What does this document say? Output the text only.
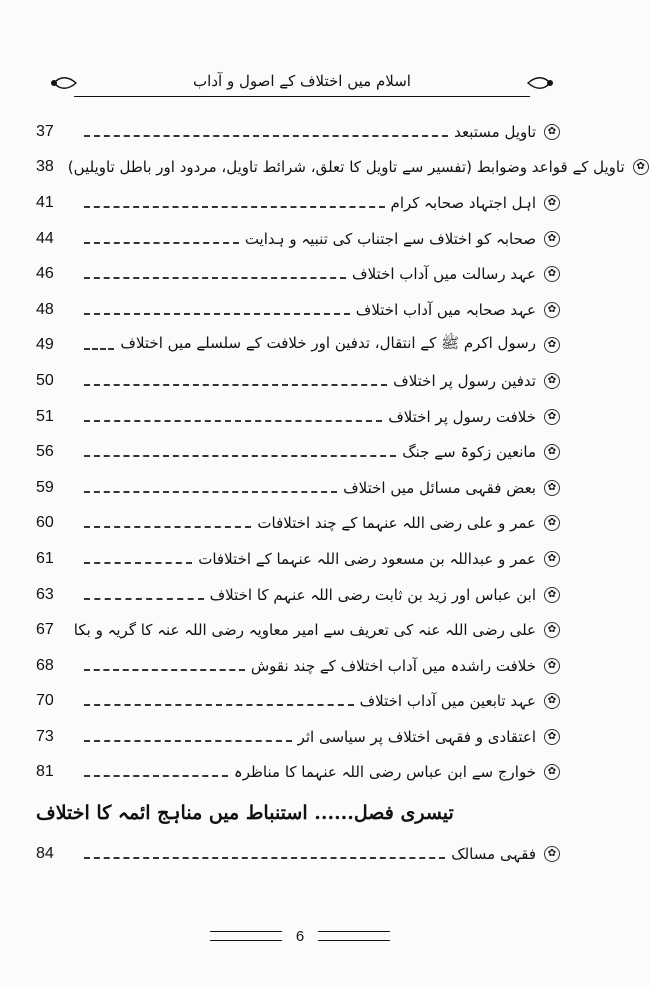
اسلام میں اختلاف کے اصول و آداب
37	تاویل مستبعد	✿
38 تاویل کے قواعد وضوابط (تفسیر سے تاویل کا تعلق، شرائط تاویل، مردود اور باطل تاویلیں)	✿
41	اہل اجتہاد صحابہ کرام	✿
44	صحابہ کو اختلاف سے اجتناب کی تنبیہ و ہدایت	✿
46	عہد رسالت میں آداب اختلاف	✿
48	عہد صحابہ میں آداب اختلاف	✿
49	رسول اکرم ﷺ کے انتقال، تدفین اور خلافت کے سلسلے میں اختلاف	✿
50	تدفین رسول پر اختلاف	✿
51	خلافت رسول پر اختلاف	✿
56	مانعین زکوۃ سے جنگ	✿
59	بعض فقہی مسائل میں اختلاف	✿
60	عمر و علی رضی اللہ عنہما کے چند اختلافات	✿
61	عمر و عبداللہ بن مسعود رضی اللہ عنہما کے اختلافات	✿
63	ابن عباس اور زید بن ثابت رضی اللہ عنہم کا اختلاف	✿
67	علی رضی اللہ عنہ کی تعریف سے امیر معاویہ رضی اللہ عنہ کا گریہ و بکا	✿
68	خلافت راشدہ میں آداب اختلاف کے چند نقوش	✿
70	عہد تابعین میں آداب اختلاف	✿
73	اعتقادی و فقہی اختلاف پر سیاسی اثر	✿
81	خوارج سے ابن عباس رضی اللہ عنہما کا مناظرہ	✿
تیسری فصل...... استنباط میں مناہج ائمہ کا اختلاف
84	فقہی مسالک	✿
6
